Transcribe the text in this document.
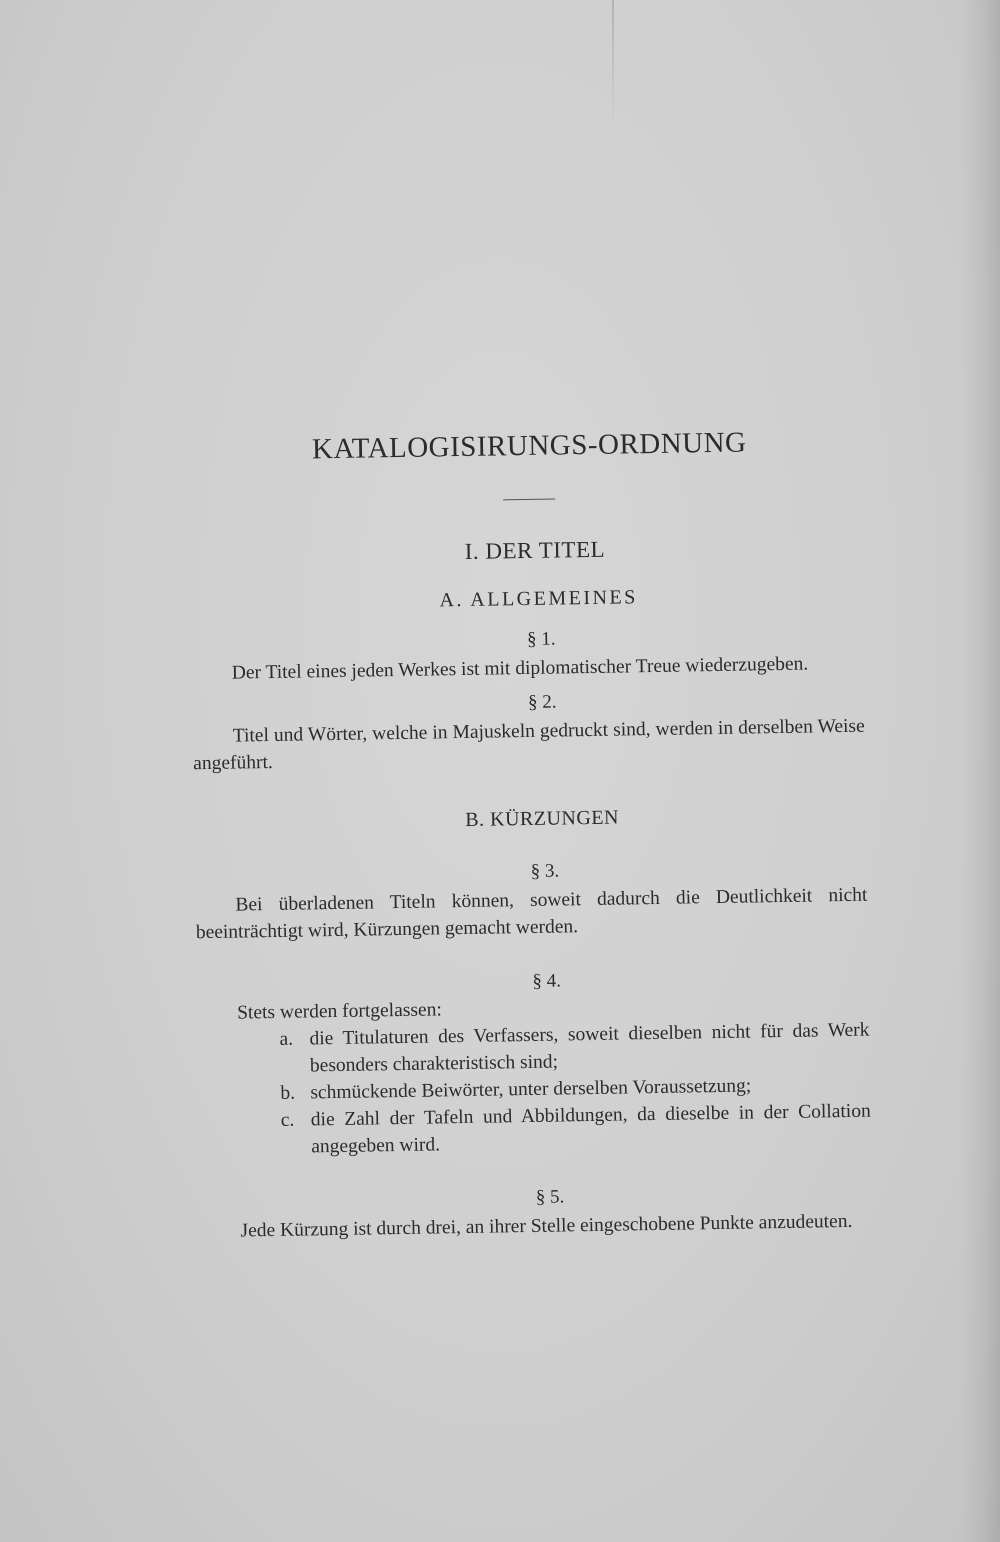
KATALOGISIRUNGS-ORDNUNG
I. DER TITEL
A. ALLGEMEINES
§ 1.

Der Titel eines jeden Werkes ist mit diplomatischer Treue wiederzugeben.

§ 2.

Titel und Wörter, welche in Majuskeln gedruckt sind, werden in derselben Weise angeführt.

B. KÜRZUNGEN
§ 3.

Bei überladenen Titeln können, soweit dadurch die Deutlichkeit nicht beeinträchtigt wird, Kürzungen gemacht werden.

§ 4.

Stets werden fortgelassen:

a. die Titulaturen des Verfassers, soweit dieselben nicht für das Werk besonders charakteristisch sind;
b. schmückende Beiwörter, unter derselben Voraussetzung;
c. die Zahl der Tafeln und Abbildungen, da dieselbe in der Collation angegeben wird.
§ 5.

Jede Kürzung ist durch drei, an ihrer Stelle eingeschobene Punkte anzudeuten.
